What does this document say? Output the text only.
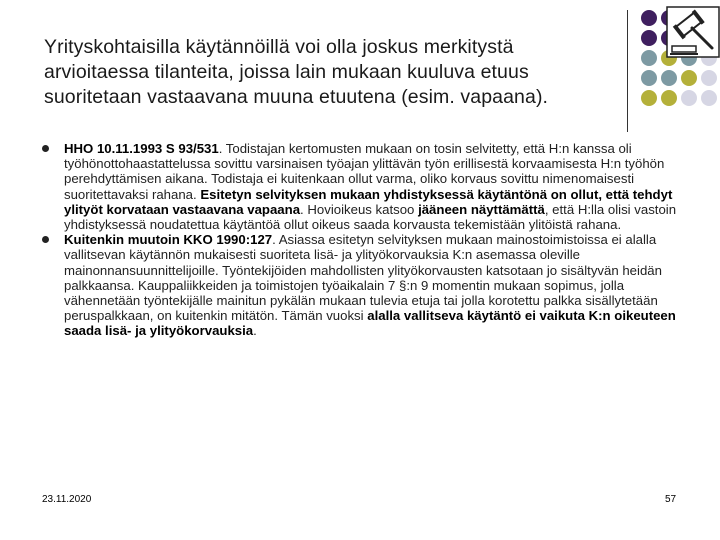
Yrityskohtaisilla käytännöillä voi olla joskus merkitystä arvioitaessa tilanteita, joissa lain mukaan kuuluva etuus suoritetaan vastaavana muuna etuutena (esim. vapaana).
HHO 10.11.1993 S 93/531. Todistajan kertomusten mukaan on tosin selvitetty, että H:n kanssa oli työhönottohaastattelussa sovittu varsinaisen työajan ylittävän työn erillisestä korvaamisesta H:n työhön perehdyttämisen aikana. Todistaja ei kuitenkaan ollut varma, oliko korvaus sovittu nimenomaisesti suoritettavaksi rahana. Esitetyn selvityksen mukaan yhdistyksessä käytäntönä on ollut, että tehdyt ylityöt korvataan vastaavana vapaana. Hovioikeus katsoo jääneen näyttämättä, että H:lla olisi vastoin yhdistyksessä noudatettua käytäntöä ollut oikeus saada korvausta tekemistään ylitöistä rahana.
Kuitenkin muutoin KKO 1990:127. Asiassa esitetyn selvityksen mukaan mainostoimistoissa ei alalla vallitsevan käytännön mukaisesti suoriteta lisä- ja ylityökorvauksia K:n asemassa oleville mainonnansuunnittelijoille. Työntekijöiden mahdollisten ylityökorvausten katsotaan jo sisältyvän heidän palkkaansa. Kauppaliikkeiden ja toimistojen työaikalain 7 §:n 9 momentin mukaan sopimus, jolla vähennetään työntekijälle mainitun pykälän mukaan tulevia etuja tai jolla korotettu palkka sisällytetään peruspalkkaan, on kuitenkin mitätön. Tämän vuoksi alalla vallitseva käytäntö ei vaikuta K:n oikeuteen saada lisä- ja ylityökorvauksia.
23.11.2020	57
